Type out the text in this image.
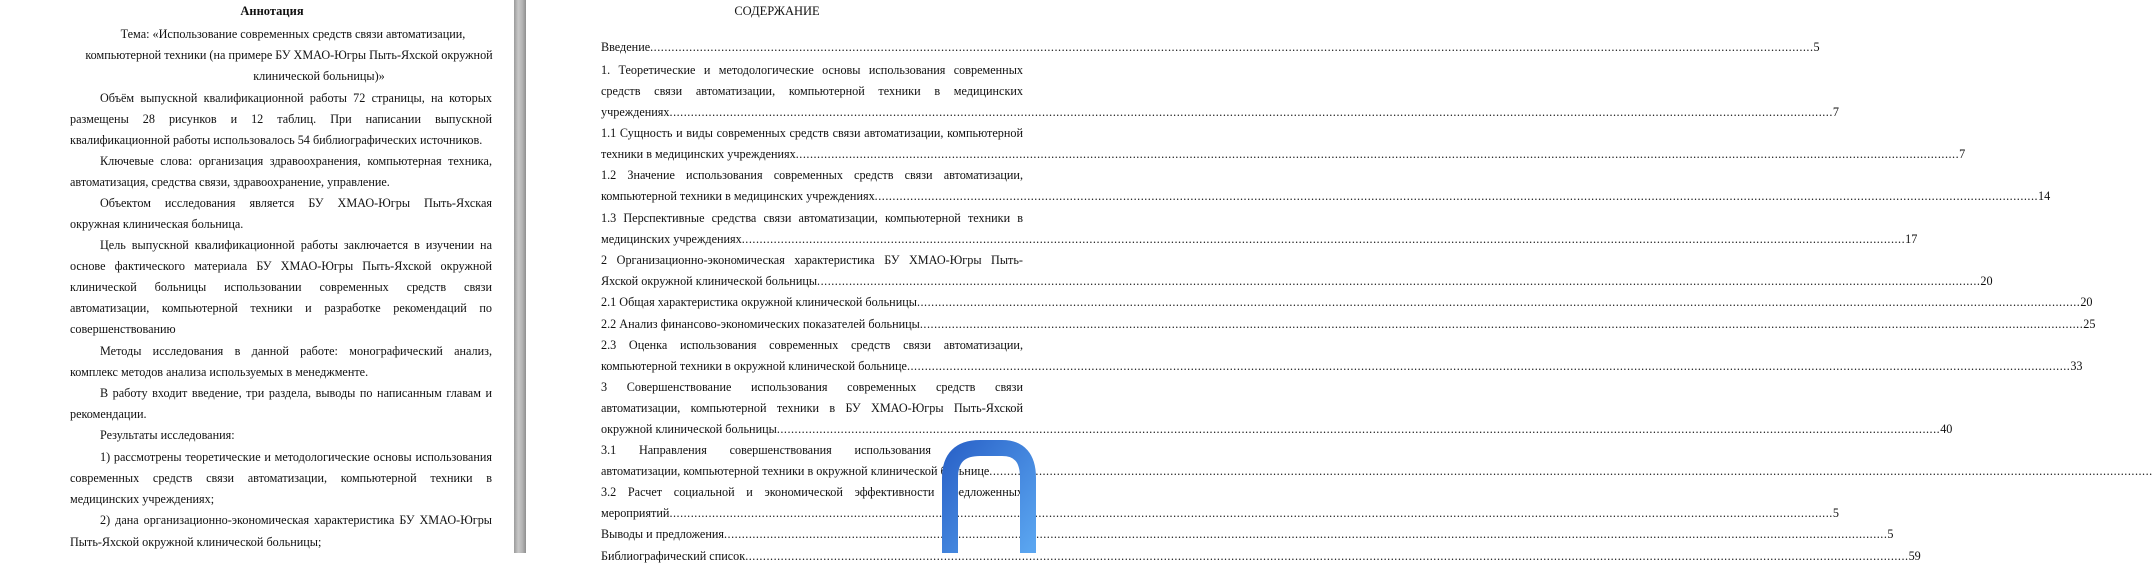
Аннотация
Тема: «Использование современных средств связи автоматизации,
компьютерной техники (на примере БУ ХМАО-Югры Пыть-Яхской окружной
клинической больницы)»
Объём выпускной квалификационной работы 72 страницы, на которых
размещены 28 рисунков и 12 таблиц. При написании выпускной
квалификационной работы использовалось 54 библиографических источников.
Ключевые слова: организация здравоохранения, компьютерная техника,
автоматизация, средства связи, здравоохранение, управление.
Объектом исследования является БУ ХМАО-Югры Пыть-Яхская
окружная клиническая больница.
Цель выпускной квалификационной работы заключается в изучении на
основе фактического материала БУ ХМАО-Югры Пыть-Яхской окружной
клинической больницы использовании современных средств связи
автоматизации, компьютерной техники и разработке рекомендаций по
совершенствованию
Методы исследования в данной работе: монографический анализ,
комплекс методов анализа используемых в менеджменте.
В работу входит введение, три раздела, выводы по написанным главам и
рекомендации.
Результаты исследования:
1) рассмотрены теоретические и методологические основы использования
современных средств связи автоматизации, компьютерной техники в
медицинских учреждениях;
2) дана организационно-экономическая характеристика БУ ХМАО-Югры
Пыть-Яхской окружной клинической больницы;
СОДЕРЖАНИЕ
Введение .....	5
1. Теоретические и методологические основы использования современных
средств связи автоматизации, компьютерной техники в медицинских
учреждениях .....	7
1.1 Сущность и виды современных средств связи автоматизации, компьютерной
техники в медицинских учреждениях .....	7
1.2 Значение использования современных средств связи автоматизации,
компьютерной техники в медицинских учреждениях .....	14
1.3 Перспективные средства связи автоматизации, компьютерной техники в
медицинских учреждениях .....	17
2 Организационно-экономическая характеристика БУ ХМАО-Югры Пыть-
Яхской окружной клинической больницы .....	20
2.1 Общая характеристика окружной клинической больницы .....	20
2.2 Анализ финансово-экономических показателей больницы .....	25
2.3 Оценка использования современных средств связи автоматизации,
компьютерной техники в окружной клинической больнице .....	33
3 Совершенствование использования современных средств связи
автоматизации, компьютерной техники в БУ ХМАО-Югры Пыть-Яхской
окружной клинической больницы .....	40
3.1 Направления совершенствования использования современных
автоматизации, компьютерной техники в окружной клинической больнице
.....
3.2 Расчет социальной и экономической эффективности предложенных
мероприятий .....	5
Выводы и предложения .....	5
Библиографический список .....	59
